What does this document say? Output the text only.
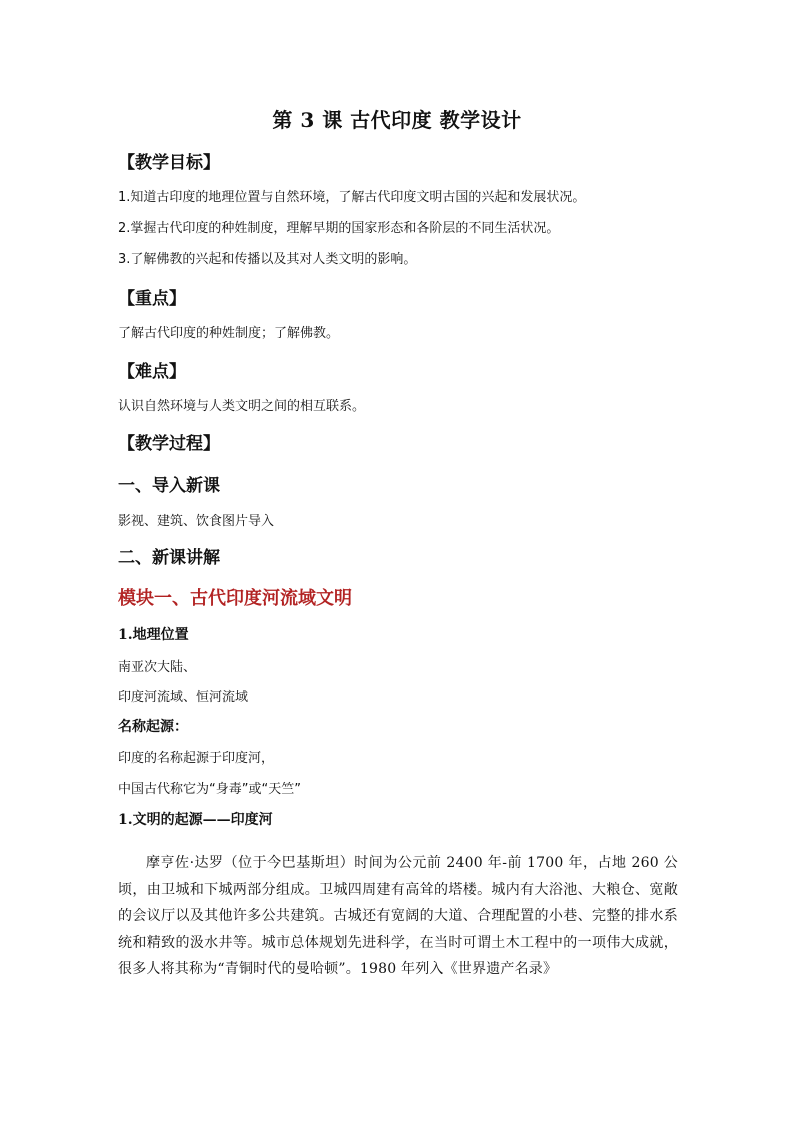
第 3 课 古代印度 教学设计
【教学目标】
1.知道古印度的地理位置与自然环境，了解古代印度文明古国的兴起和发展状况。
2.掌握古代印度的种姓制度，理解早期的国家形态和各阶层的不同生活状况。
3.了解佛教的兴起和传播以及其对人类文明的影响。
【重点】
了解古代印度的种姓制度；了解佛教。
【难点】
认识自然环境与人类文明之间的相互联系。
【教学过程】
一、导入新课
影视、建筑、饮食图片导入
二、新课讲解
模块一、古代印度河流域文明
1.地理位置
南亚次大陆、
印度河流域、恒河流域
名称起源：
印度的名称起源于印度河，
中国古代称它为“身毒”或“天竺”
1.文明的起源——印度河

摩亨佐·达罗（位于今巴基斯坦）时间为公元前 2400 年-前 1700 年，占地 260 公顷，由卫城和下城两部分组成。卫城四周建有高耸的塔楼。城内有大浴池、大粮仓、宽敞的会议厅以及其他许多公共建筑。古城还有宽阔的大道、合理配置的小巷、完整的排水系统和精致的汲水井等。城市总体规划先进科学，在当时可谓土木工程中的一项伟大成就，很多人将其称为“青铜时代的曼哈顿”。1980 年列入《世界遗产名录》
